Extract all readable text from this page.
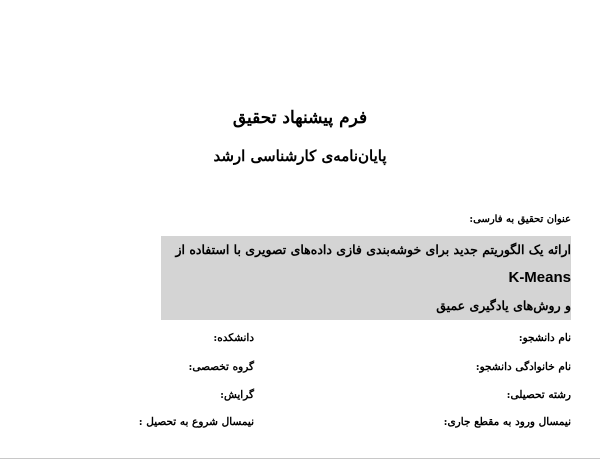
فرم پیشنهاد تحقیق
پایان‌نامه‌ی کارشناسی ارشد
عنوان تحقیق به فارسی:
ارائه یک الگوریتم جدید برای خوشه‌بندی فازی داده‌های تصویری با استفاده از K-Means
و روش‌های یادگیری عمیق
نام دانشجو:
نام خانوادگی دانشجو:
رشته تحصیلی:
نیمسال ورود به مقطع جاری:
دانشکده:
گروه تخصصی:
گرایش:
نیمسال شروع به تحصیل :
